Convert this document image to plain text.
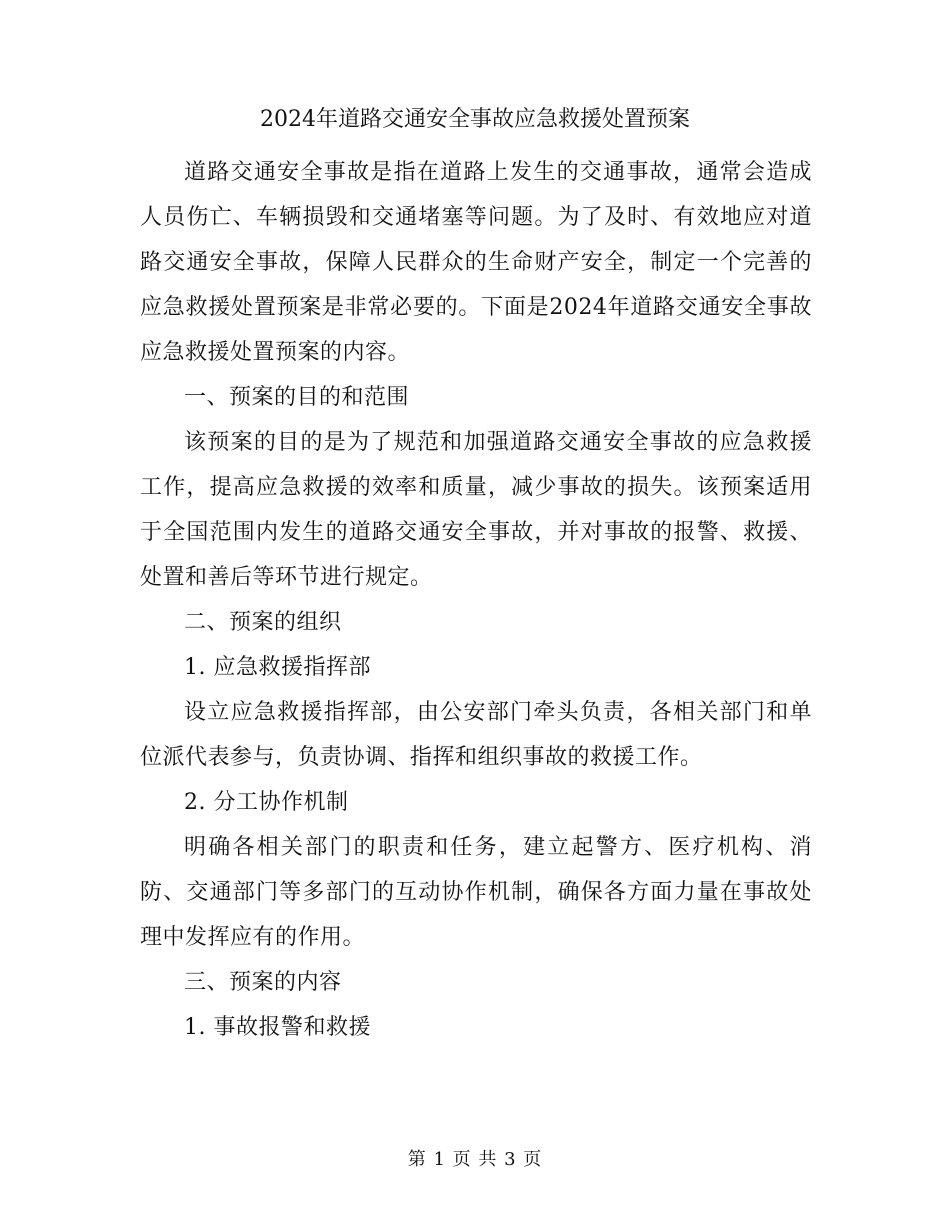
2024年道路交通安全事故应急救援处置预案

道路交通安全事故是指在道路上发生的交通事故，通常会造成人员伤亡、车辆损毁和交通堵塞等问题。为了及时、有效地应对道路交通安全事故，保障人民群众的生命财产安全，制定一个完善的应急救援处置预案是非常必要的。下面是2024年道路交通安全事故应急救援处置预案的内容。

一、预案的目的和范围

该预案的目的是为了规范和加强道路交通安全事故的应急救援工作，提高应急救援的效率和质量，减少事故的损失。该预案适用于全国范围内发生的道路交通安全事故，并对事故的报警、救援、处置和善后等环节进行规定。

二、预案的组织

1. 应急救援指挥部

设立应急救援指挥部，由公安部门牵头负责，各相关部门和单位派代表参与，负责协调、指挥和组织事故的救援工作。

2. 分工协作机制

明确各相关部门的职责和任务，建立起警方、医疗机构、消防、交通部门等多部门的互动协作机制，确保各方面力量在事故处理中发挥应有的作用。

三、预案的内容

1. 事故报警和救援

第 1 页 共 3 页
